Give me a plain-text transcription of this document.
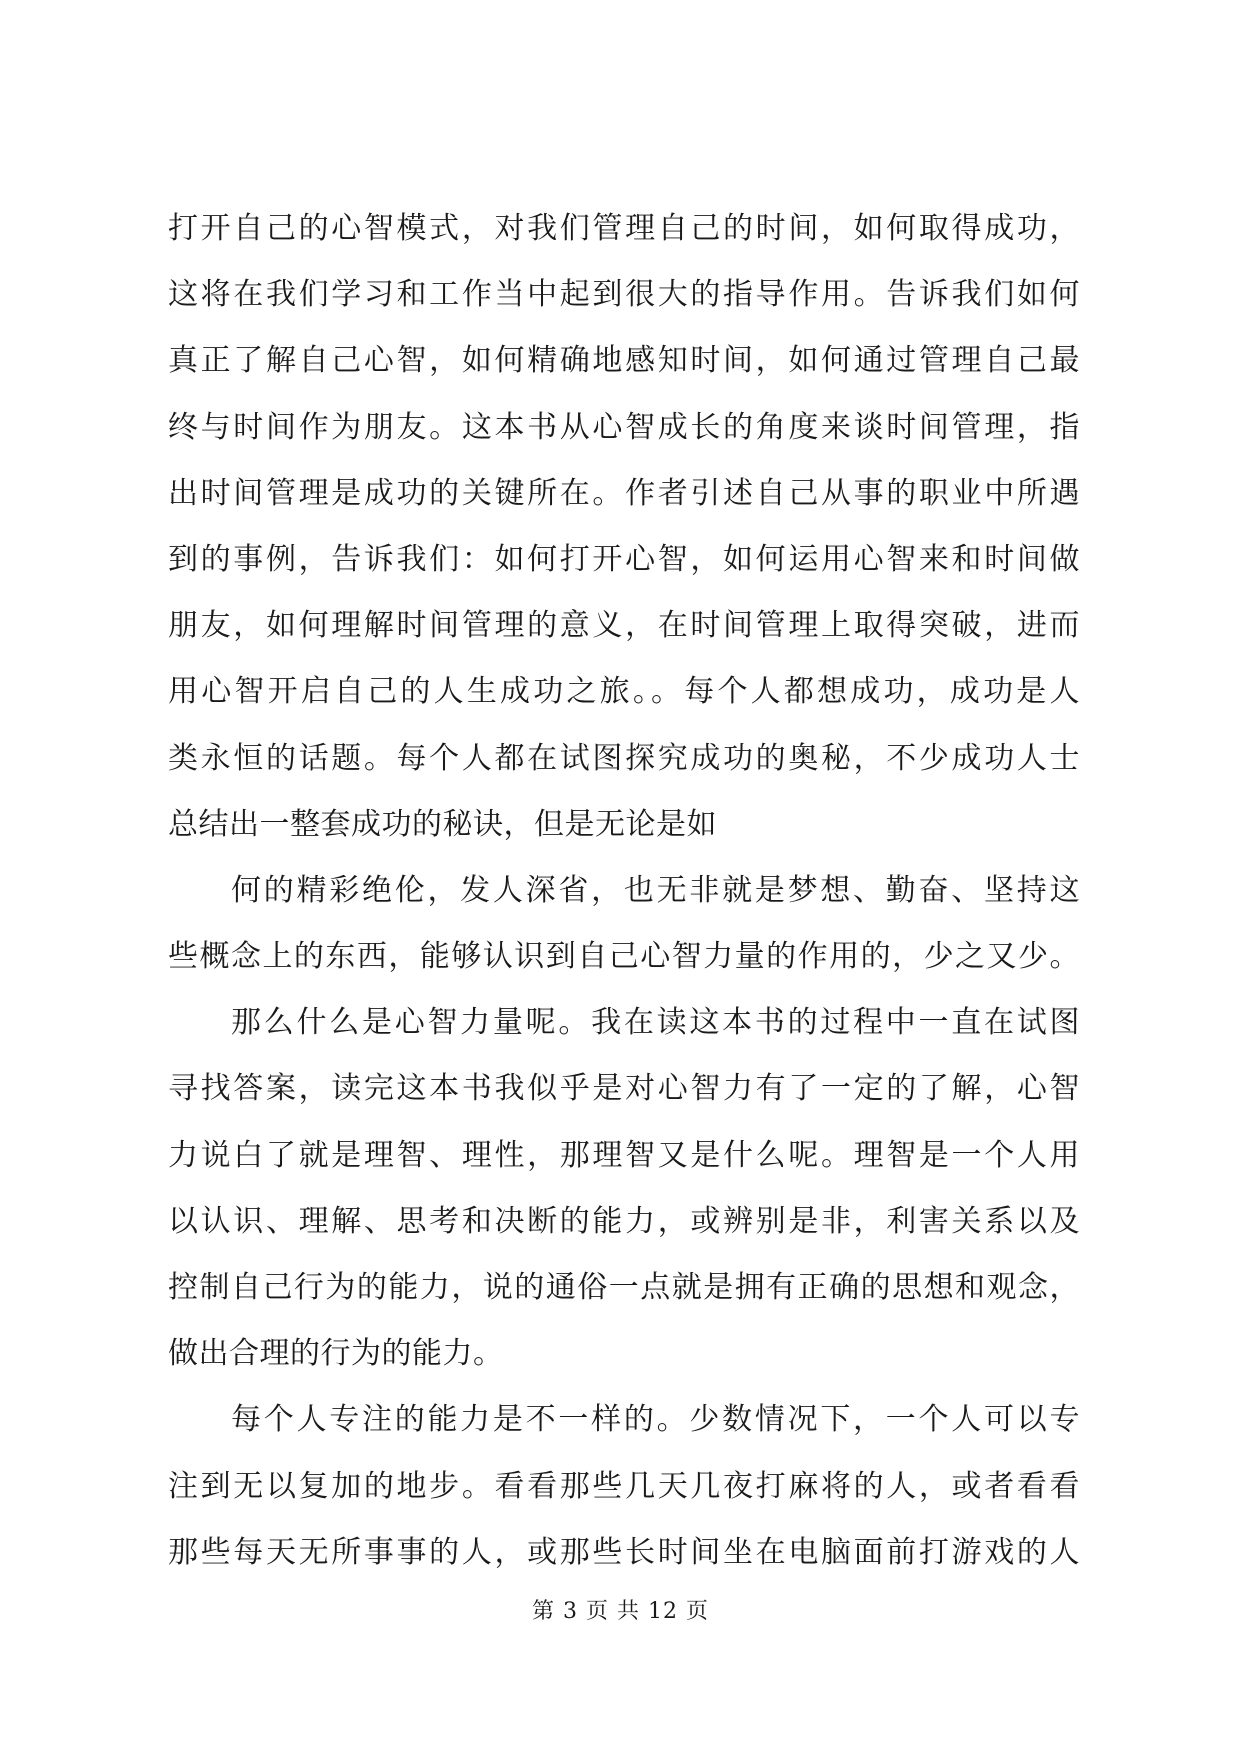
打开自己的心智模式，对我们管理自己的时间，如何取得成功，
这将在我们学习和工作当中起到很大的指导作用。告诉我们如何
真正了解自己心智，如何精确地感知时间，如何通过管理自己最
终与时间作为朋友。这本书从心智成长的角度来谈时间管理，指
出时间管理是成功的关键所在。作者引述自己从事的职业中所遇
到的事例，告诉我们：如何打开心智，如何运用心智来和时间做
朋友，如何理解时间管理的意义，在时间管理上取得突破，进而
用心智开启自己的人生成功之旅。。每个人都想成功，成功是人
类永恒的话题。每个人都在试图探究成功的奥秘，不少成功人士
总结出一整套成功的秘诀，但是无论是如
何的精彩绝伦，发人深省，也无非就是梦想、勤奋、坚持这
些概念上的东西，能够认识到自己心智力量的作用的，少之又少。
那么什么是心智力量呢。我在读这本书的过程中一直在试图
寻找答案，读完这本书我似乎是对心智力有了一定的了解，心智
力说白了就是理智、理性，那理智又是什么呢。理智是一个人用
以认识、理解、思考和决断的能力，或辨别是非，利害关系以及
控制自己行为的能力，说的通俗一点就是拥有正确的思想和观念，
做出合理的行为的能力。
每个人专注的能力是不一样的。少数情况下，一个人可以专
注到无以复加的地步。看看那些几天几夜打麻将的人，或者看看
那些每天无所事事的人，或那些长时间坐在电脑面前打游戏的人
第 3 页 共 12 页
